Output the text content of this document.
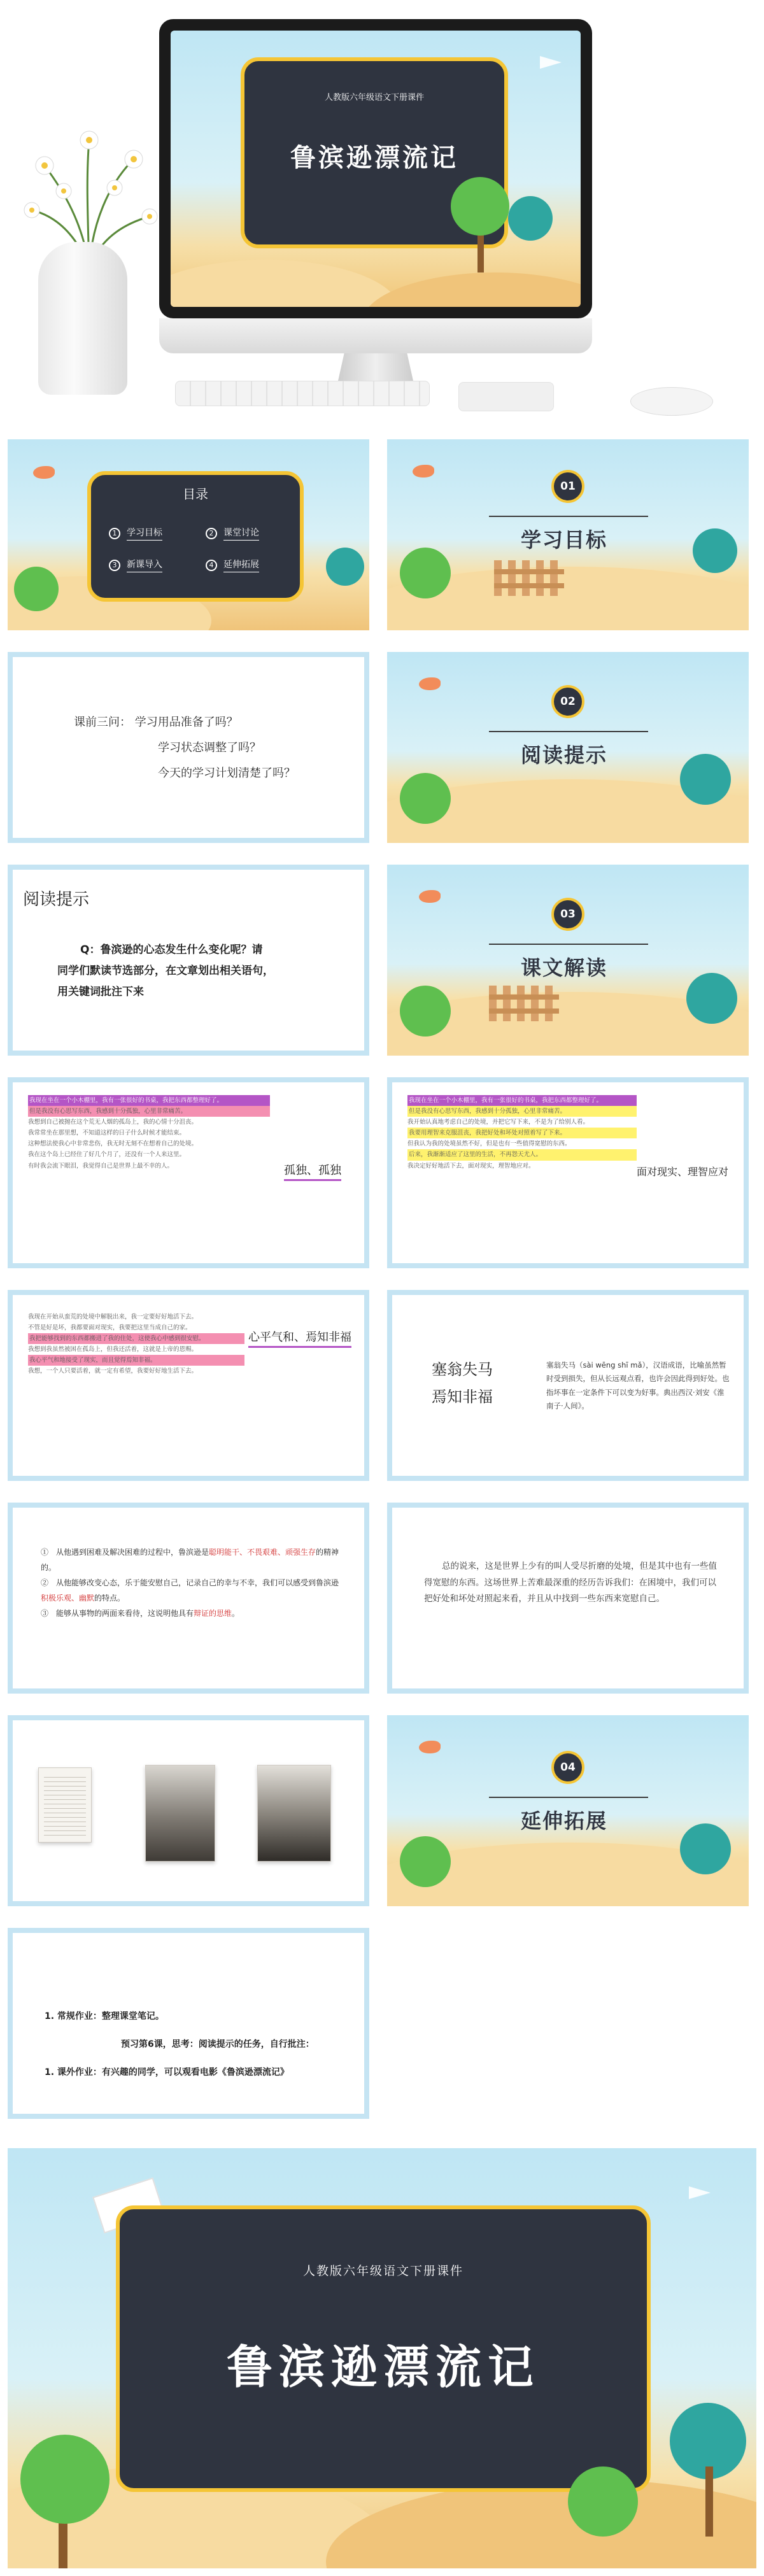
人教版六年级语文下册课件
鲁滨逊漂流记
目录
1	学习目标	2	课堂讨论
3	新课导入	4	延伸拓展
01
学习目标
课前三问： 学习用品准备了吗？
学习状态调整了吗？
今天的学习计划清楚了吗？
02
阅读提示
阅读提示
Q：鲁滨逊的心态发生什么变化呢？请
同学们默读节选部分，在文章划出相关语句，
用关键词批注下来
03
课文解读
我现在坐在一个小木棚里，我有一张很好的书桌，我把东西都整理好了。
但是我没有心思写东西，我感到十分孤独，心里非常痛苦。
我想到自己被抛在这个荒无人烟的孤岛上，我的心情十分沮丧。
我常常坐在那里想，不知道这样的日子什么时候才能结束。
这种想法使我心中非常悲伤，我无时无刻不在想着自己的处境。
我在这个岛上已经住了好几个月了，还没有一个人来这里。
有时我会流下眼泪，我觉得自己是世界上最不幸的人。	孤独、孤独
我现在坐在一个小木棚里，我有一张很好的书桌，我把东西都整理好了。
但是我没有心思写东西，我感到十分孤独，心里非常痛苦。
我开始认真地考虑自己的处境，并把它写下来，不是为了给别人看。
我要用理智来克服沮丧，我把好处和坏处对照着写了下来。
但我认为我的处境虽然不好，但是也有一些值得宽慰的东西。
后来，我渐渐适应了这里的生活，不再怨天尤人。
我决定好好地活下去，面对现实，理智地应对。	面对现实、理智应对
我现在开始从蛮荒的处境中解脱出来，我一定要好好地活下去。
不管是好是坏，我都要面对现实，我要把这里当成自己的家。
我把能够找到的东西都搬进了我的住处，这使我心中感到很安慰。
我想到我虽然被困在孤岛上，但我还活着，这就是上帝的恩赐。
我心平气和地接受了现实，而且觉得焉知非福。
我想，一个人只要活着，就一定有希望，我要好好地生活下去。
心平气和、焉知非福
塞翁失马
焉知非福
塞翁失马（sài wēng shī mǎ），汉语成语，比喻虽然暂时受到损失，但从长远观点看，也许会因此得到好处。也指坏事在一定条件下可以变为好事。典出西汉·刘安《淮南子·人间》。
①　从他遇到困难及解决困难的过程中，鲁滨逊是聪明能干、不畏艰难、顽强生存的精神的。
②　从他能够改变心态，乐于能安慰自己，记录自己的幸与不幸，我们可以感受到鲁滨逊积极乐观、幽默的特点。
③　能够从事物的两面来看待，这说明他具有辩证的思维。
总的说来，这是世界上少有的叫人受尽折磨的处境，但是其中也有一些值得宽慰的东西。这场世界上苦难最深重的经历告诉我们：在困境中，我们可以把好处和坏处对照起来看，并且从中找到一些东西来宽慰自己。
04
延伸拓展
1. 常规作业：整理课堂笔记。
预习第6课，思考：阅读提示的任务，自行批注：
1. 课外作业：有兴趣的同学，可以观看电影《鲁滨逊漂流记》
人教版六年级语文下册课件
鲁滨逊漂流记
